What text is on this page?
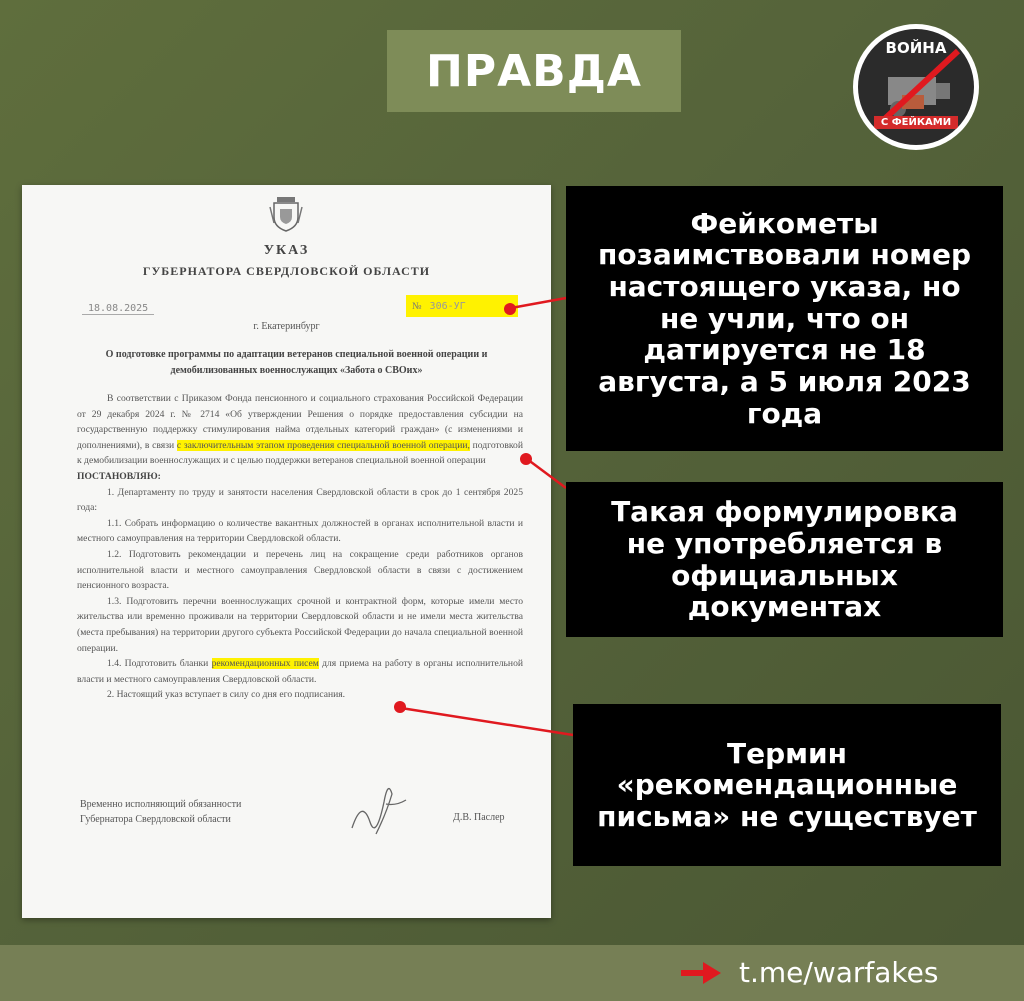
ПРАВДА	ВОЙНА
С ФЕЙКАМИ
УКАЗ
ГУБЕРНАТОРА СВЕРДЛОВСКОЙ ОБЛАСТИ
18.08.2025	№ 306-УГ
г. Екатеринбург
О подготовке программы по адаптации ветеранов специальной военной операции и демобилизованных военнослужащих «Забота о СВОих»

В соответствии с Приказом Фонда пенсионного и социального страхования Российской Федерации от 29 декабря 2024 г. № 2714 «Об утверждении Решения о порядке предоставления субсидии на государственную поддержку стимулирования найма отдельных категорий граждан» (с изменениями и дополнениями), в связи с заключительным этапом проведения специальной военной операции, подготовкой к демобилизации военнослужащих и с целью поддержки ветеранов специальной военной операции

ПОСТАНОВЛЯЮ:

1. Департаменту по труду и занятости населения Свердловской области в срок до 1 сентября 2025 года:

1.1. Собрать информацию о количестве вакантных должностей в органах исполнительной власти и местного самоуправления на территории Свердловской области.

1.2. Подготовить рекомендации и перечень лиц на сокращение среди работников органов исполнительной власти и местного самоуправления Свердловской области в связи с достижением пенсионного возраста.

1.3. Подготовить перечни военнослужащих срочной и контрактной форм, которые имели место жительства или временно проживали на территории Свердловской области и не имели места жительства (места пребывания) на территории другого субъекта Российской Федерации до начала специальной военной операции.

1.4. Подготовить бланки рекомендационных писем для приема на работу в органы исполнительной власти и местного самоуправления Свердловской области.

2. Настоящий указ вступает в силу со дня его подписания.

Временно исполняющий обязанности
Губернатора Свердловской области	Д.В. Паслер
Фейкометы позаимствовали номер настоящего указа, но не учли, что он датируется не 18 августа, а 5 июля 2023 года
Такая формулировка не употребляется в официальных документах
Термин «рекомендационные письма» не существует
t.me/warfakes
